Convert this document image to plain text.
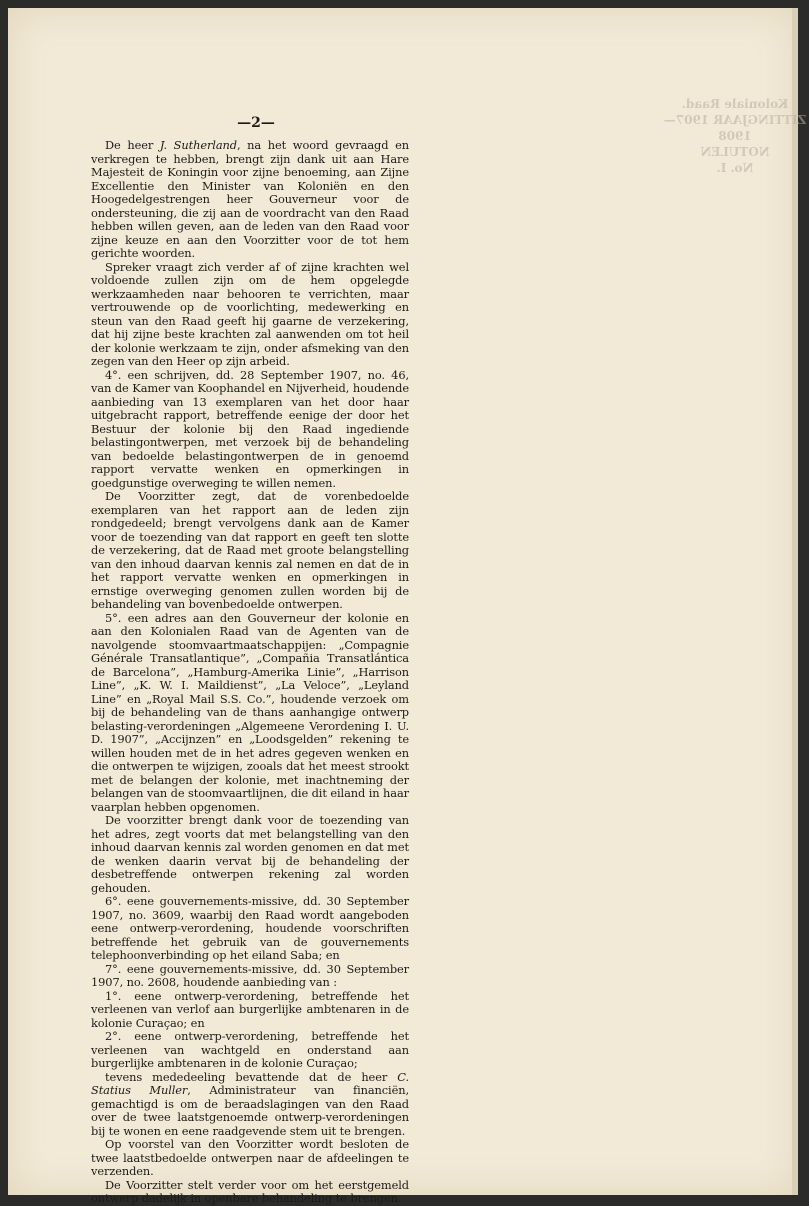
Koloniale Raad.
ZITTINGJAAR 1907—1908
NOTULEN
No. I.
—2—

De heer J. Sutherland, na het woord gevraagd en verkregen te hebben, brengt zijn dank uit aan Hare Majesteit de Koningin voor zijne benoeming, aan Zijne Excellentie den Minister van Koloniën en den Hoogedelgestrengen heer Gouverneur voor de ondersteuning, die zij aan de voordracht van den Raad hebben willen geven, aan de leden van den Raad voor zijne keuze en aan den Voorzitter voor de tot hem gerichte woorden.

Spreker vraagt zich verder af of zijne krachten wel voldoende zullen zijn om de hem opgelegde werkzaamheden naar behooren te verrichten, maar vertrouwende op de voorlichting, medewerking en steun van den Raad geeft hij gaarne de verzekering, dat hij zijne beste krachten zal aanwenden om tot heil der kolonie werkzaam te zijn, onder afsmeking van den zegen van den Heer op zijn arbeid.

4°. een schrijven, dd. 28 September 1907, no. 46, van de Kamer van Koophandel en Nijverheid, houdende aanbieding van 13 exemplaren van het door haar uitgebracht rapport, betreffende eenige der door het Bestuur der kolonie bij den Raad ingediende belastingontwerpen, met verzoek bij de behandeling van bedoelde belastingontwerpen de in genoemd rapport vervatte wenken en opmerkingen in goedgunstige overweging te willen nemen.

De Voorzitter zegt, dat de vorenbedoelde exemplaren van het rapport aan de leden zijn rondgedeeld; brengt vervolgens dank aan de Kamer voor de toezending van dat rapport en geeft ten slotte de verzekering, dat de Raad met groote belangstelling van den inhoud daarvan kennis zal nemen en dat de in het rapport vervatte wenken en opmerkingen in ernstige overweging genomen zullen worden bij de behandeling van bovenbedoelde ontwerpen.

5°. een adres aan den Gouverneur der kolonie en aan den Kolonialen Raad van de Agenten van de navolgende stoomvaartmaatschappijen: „Compagnie Générale Transatlantique”, „Compañia Transatlántica de Barcelona”, „Hamburg-Amerika Linie”, „Harrison Line”, „K. W. I. Maildienst”, „La Veloce”, „Leyland Line” en „Royal Mail S.S. Co.”, houdende verzoek om bij de behandeling van de thans aanhangige ontwerp belasting-verordeningen „Algemeene Verordening I. U. D. 1907”, „Accijnzen” en „Loodsgelden” rekening te willen houden met de in het adres gegeven wenken en die ontwerpen te wijzigen, zooals dat het meest strookt met de belangen der kolonie, met inachtneming der belangen van de stoomvaartlijnen, die dit eiland in haar vaarplan hebben opgenomen.

De voorzitter brengt dank voor de toezending van het adres, zegt voorts dat met belangstelling van den inhoud daarvan kennis zal worden genomen en dat met de wenken daarin vervat bij de behandeling der desbetreffende ontwerpen rekening zal worden gehouden.

6°. eene gouvernements-missive, dd. 30 September 1907, no. 3609, waarbij den Raad wordt aangeboden eene ontwerp-verordening, houdende voorschriften betreffende het gebruik van de gouvernements telephoonverbinding op het eiland Saba; en

7°. eene gouvernements-missive, dd. 30 September 1907, no. 2608, houdende aanbieding van :

1°. eene ontwerp-verordening, betreffende het verleenen van verlof aan burgerlijke ambtenaren in de kolonie Curaçao; en

2°. eene ontwerp-verordening, betreffende het verleenen van wachtgeld en onderstand aan burgerlijke ambtenaren in de kolonie Curaçao;

tevens mededeeling bevattende dat de heer C. Statius Muller, Administrateur van financiën, gemachtigd is om de beraadslagingen van den Raad over de twee laatstgenoemde ontwerp-verordeningen bij te wonen en eene raadgevende stem uit te brengen.

Op voorstel van den Voorzitter wordt besloten de twee laatstbedoelde ontwerpen naar de afdeelingen te verzenden.

De Voorzitter stelt verder voor om het eerstgemeld ontwerp dadelijk in openbare behandeling te brengen.
